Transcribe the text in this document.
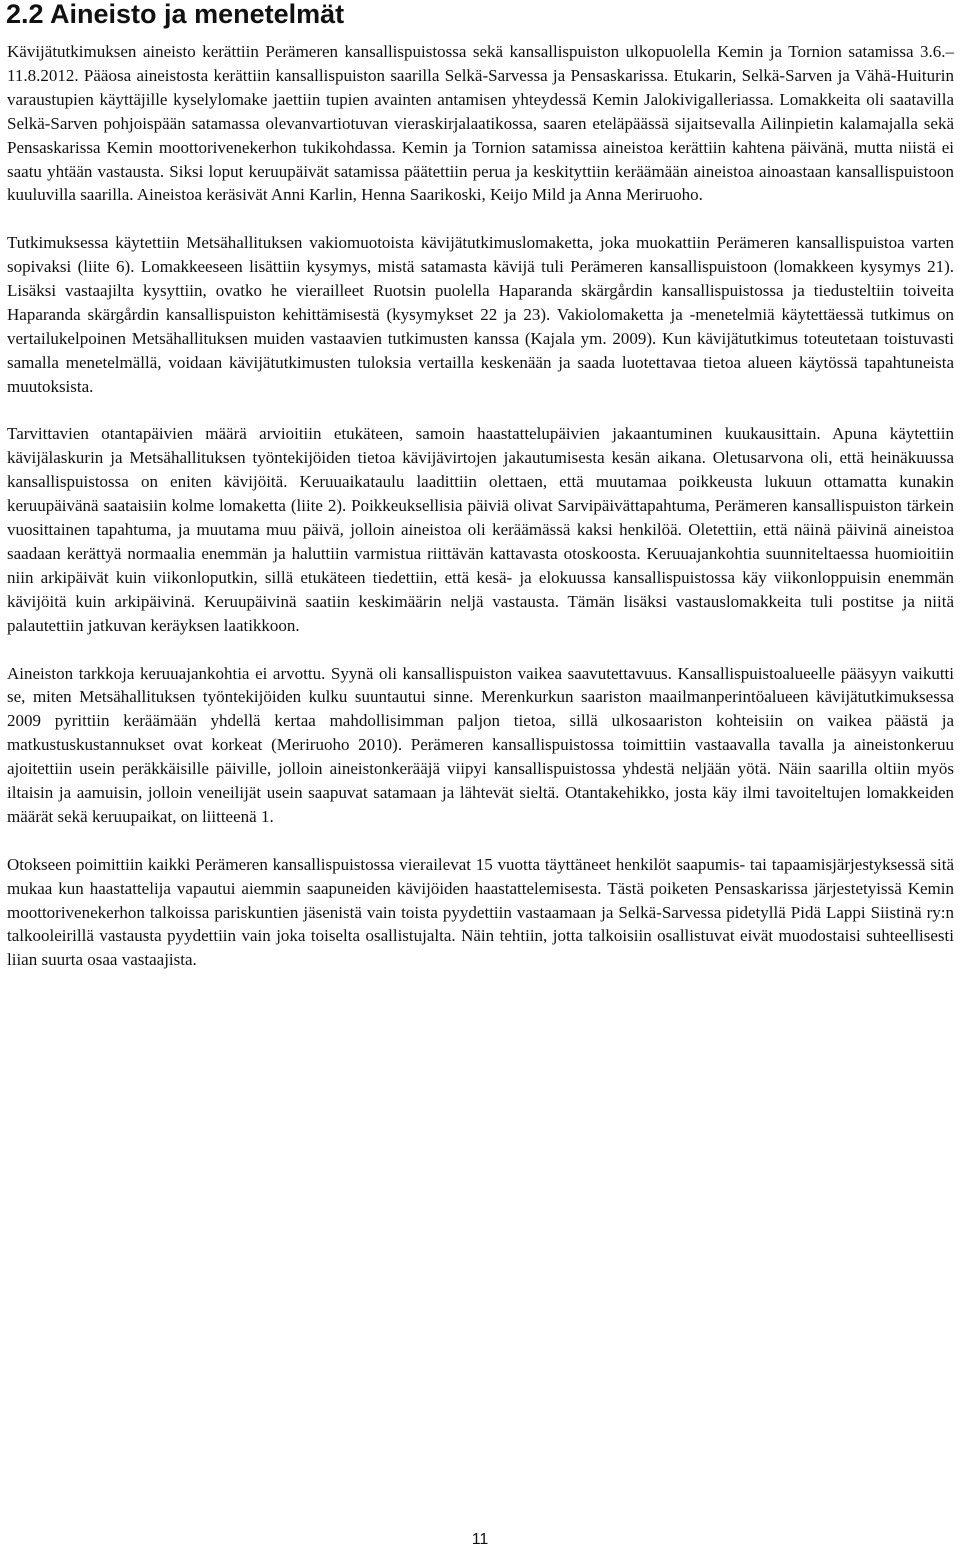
2.2 Aineisto ja menetelmät

Kävijätutkimuksen aineisto kerättiin Perämeren kansallispuistossa sekä kansallispuiston ulkopuolella Kemin ja Tornion satamissa 3.6.–11.8.2012. Pääosa aineistosta kerättiin kansallispuiston saarilla Selkä-Sarvessa ja Pensaskarissa. Etukarin, Selkä-Sarven ja Vähä-Huiturin varaustupien käyttäjille kyselylomake jaettiin tupien avainten antamisen yhteydessä Kemin Jalokivigalleriassa. Lomakkeita oli saatavilla Selkä-Sarven pohjoispään satamassa olevanvartiotuvan vieraskirjalaatikossa, saaren eteläpäässä sijaitsevalla Ailinpietin kalamajalla sekä Pensaskarissa Kemin moottorivenekerhon tukikohdassa. Kemin ja Tornion satamissa aineistoa kerättiin kahtena päivänä, mutta niistä ei saatu yhtään vastausta. Siksi loput keruupäivät satamissa päätettiin perua ja keskityttiin keräämään aineistoa ainoastaan kansallispuistoon kuuluvilla saarilla. Aineistoa keräsivät Anni Karlin, Henna Saarikoski, Keijo Mild ja Anna Meriruoho.

Tutkimuksessa käytettiin Metsähallituksen vakiomuotoista kävijätutkimuslomaketta, joka muokattiin Perämeren kansallispuistoa varten sopivaksi (liite 6). Lomakkeeseen lisättiin kysymys, mistä satamasta kävijä tuli Perämeren kansallispuistoon (lomakkeen kysymys 21). Lisäksi vastaajilta kysyttiin, ovatko he vierailleet Ruotsin puolella Haparanda skärgårdin kansallispuistossa ja tiedusteltiin toiveita Haparanda skärgårdin kansallispuiston kehittämisestä (kysymykset 22 ja 23). Vakiolomaketta ja -menetelmiä käytettäessä tutkimus on vertailukelpoinen Metsähallituksen muiden vastaavien tutkimusten kanssa (Kajala ym. 2009). Kun kävijätutkimus toteutetaan toistuvasti samalla menetelmällä, voidaan kävijätutkimusten tuloksia vertailla keskenään ja saada luotettavaa tietoa alueen käytössä tapahtuneista muutoksista.

Tarvittavien otantapäivien määrä arvioitiin etukäteen, samoin haastattelupäivien jakaantuminen kuukausittain. Apuna käytettiin kävijälaskurin ja Metsähallituksen työntekijöiden tietoa kävijävirtojen jakautumisesta kesän aikana. Oletusarvona oli, että heinäkuussa kansallispuistossa on eniten kävijöitä. Keruuaikataulu laadittiin olettaen, että muutamaa poikkeusta lukuun ottamatta kunakin keruupäivänä saataisiin kolme lomaketta (liite 2). Poikkeuksellisia päiviä olivat Sarvipäivättapahtuma, Perämeren kansallispuiston tärkein vuosittainen tapahtuma, ja muutama muu päivä, jolloin aineistoa oli keräämässä kaksi henkilöä. Oletettiin, että näinä päivinä aineistoa saadaan kerättyä normaalia enemmän ja haluttiin varmistua riittävän kattavasta otoskoosta. Keruuajankohtia suunniteltaessa huomioitiin niin arkipäivät kuin viikonloputkin, sillä etukäteen tiedettiin, että kesä- ja elokuussa kansallispuistossa käy viikonloppuisin enemmän kävijöitä kuin arkipäivinä. Keruupäivinä saatiin keskimäärin neljä vastausta. Tämän lisäksi vastauslomakkeita tuli postitse ja niitä palautettiin jatkuvan keräyksen laatikkoon.

Aineiston tarkkoja keruuajankohtia ei arvottu. Syynä oli kansallispuiston vaikea saavutettavuus. Kansallispuistoalueelle pääsyyn vaikutti se, miten Metsähallituksen työntekijöiden kulku suuntautui sinne. Merenkurkun saariston maailmanperintöalueen kävijätutkimuksessa 2009 pyrittiin keräämään yhdellä kertaa mahdollisimman paljon tietoa, sillä ulkosaariston kohteisiin on vaikea päästä ja matkustuskustannukset ovat korkeat (Meriruoho 2010). Perämeren kansallispuistossa toimittiin vastaavalla tavalla ja aineistonkeruu ajoitettiin usein peräkkäisille päiville, jolloin aineistonkerääjä viipyi kansallispuistossa yhdestä neljään yötä. Näin saarilla oltiin myös iltaisin ja aamuisin, jolloin veneilijät usein saapuvat satamaan ja lähtevät sieltä. Otantakehikko, josta käy ilmi tavoiteltujen lomakkeiden määrät sekä keruupaikat, on liitteenä 1.

Otokseen poimittiin kaikki Perämeren kansallispuistossa vierailevat 15 vuotta täyttäneet henkilöt saapumis- tai tapaamisjärjestyksessä sitä mukaa kun haastattelija vapautui aiemmin saapuneiden kävijöiden haastattelemisesta. Tästä poiketen Pensaskarissa järjestetyissä Kemin moottorivenekerhon talkoissa pariskuntien jäsenistä vain toista pyydettiin vastaamaan ja Selkä-Sarvessa pidetyllä Pidä Lappi Siistinä ry:n talkooleirillä vastausta pyydettiin vain joka toiselta osallistujalta. Näin tehtiin, jotta talkoisiin osallistuvat eivät muodostaisi suhteellisesti liian suurta osaa vastaajista.

11
